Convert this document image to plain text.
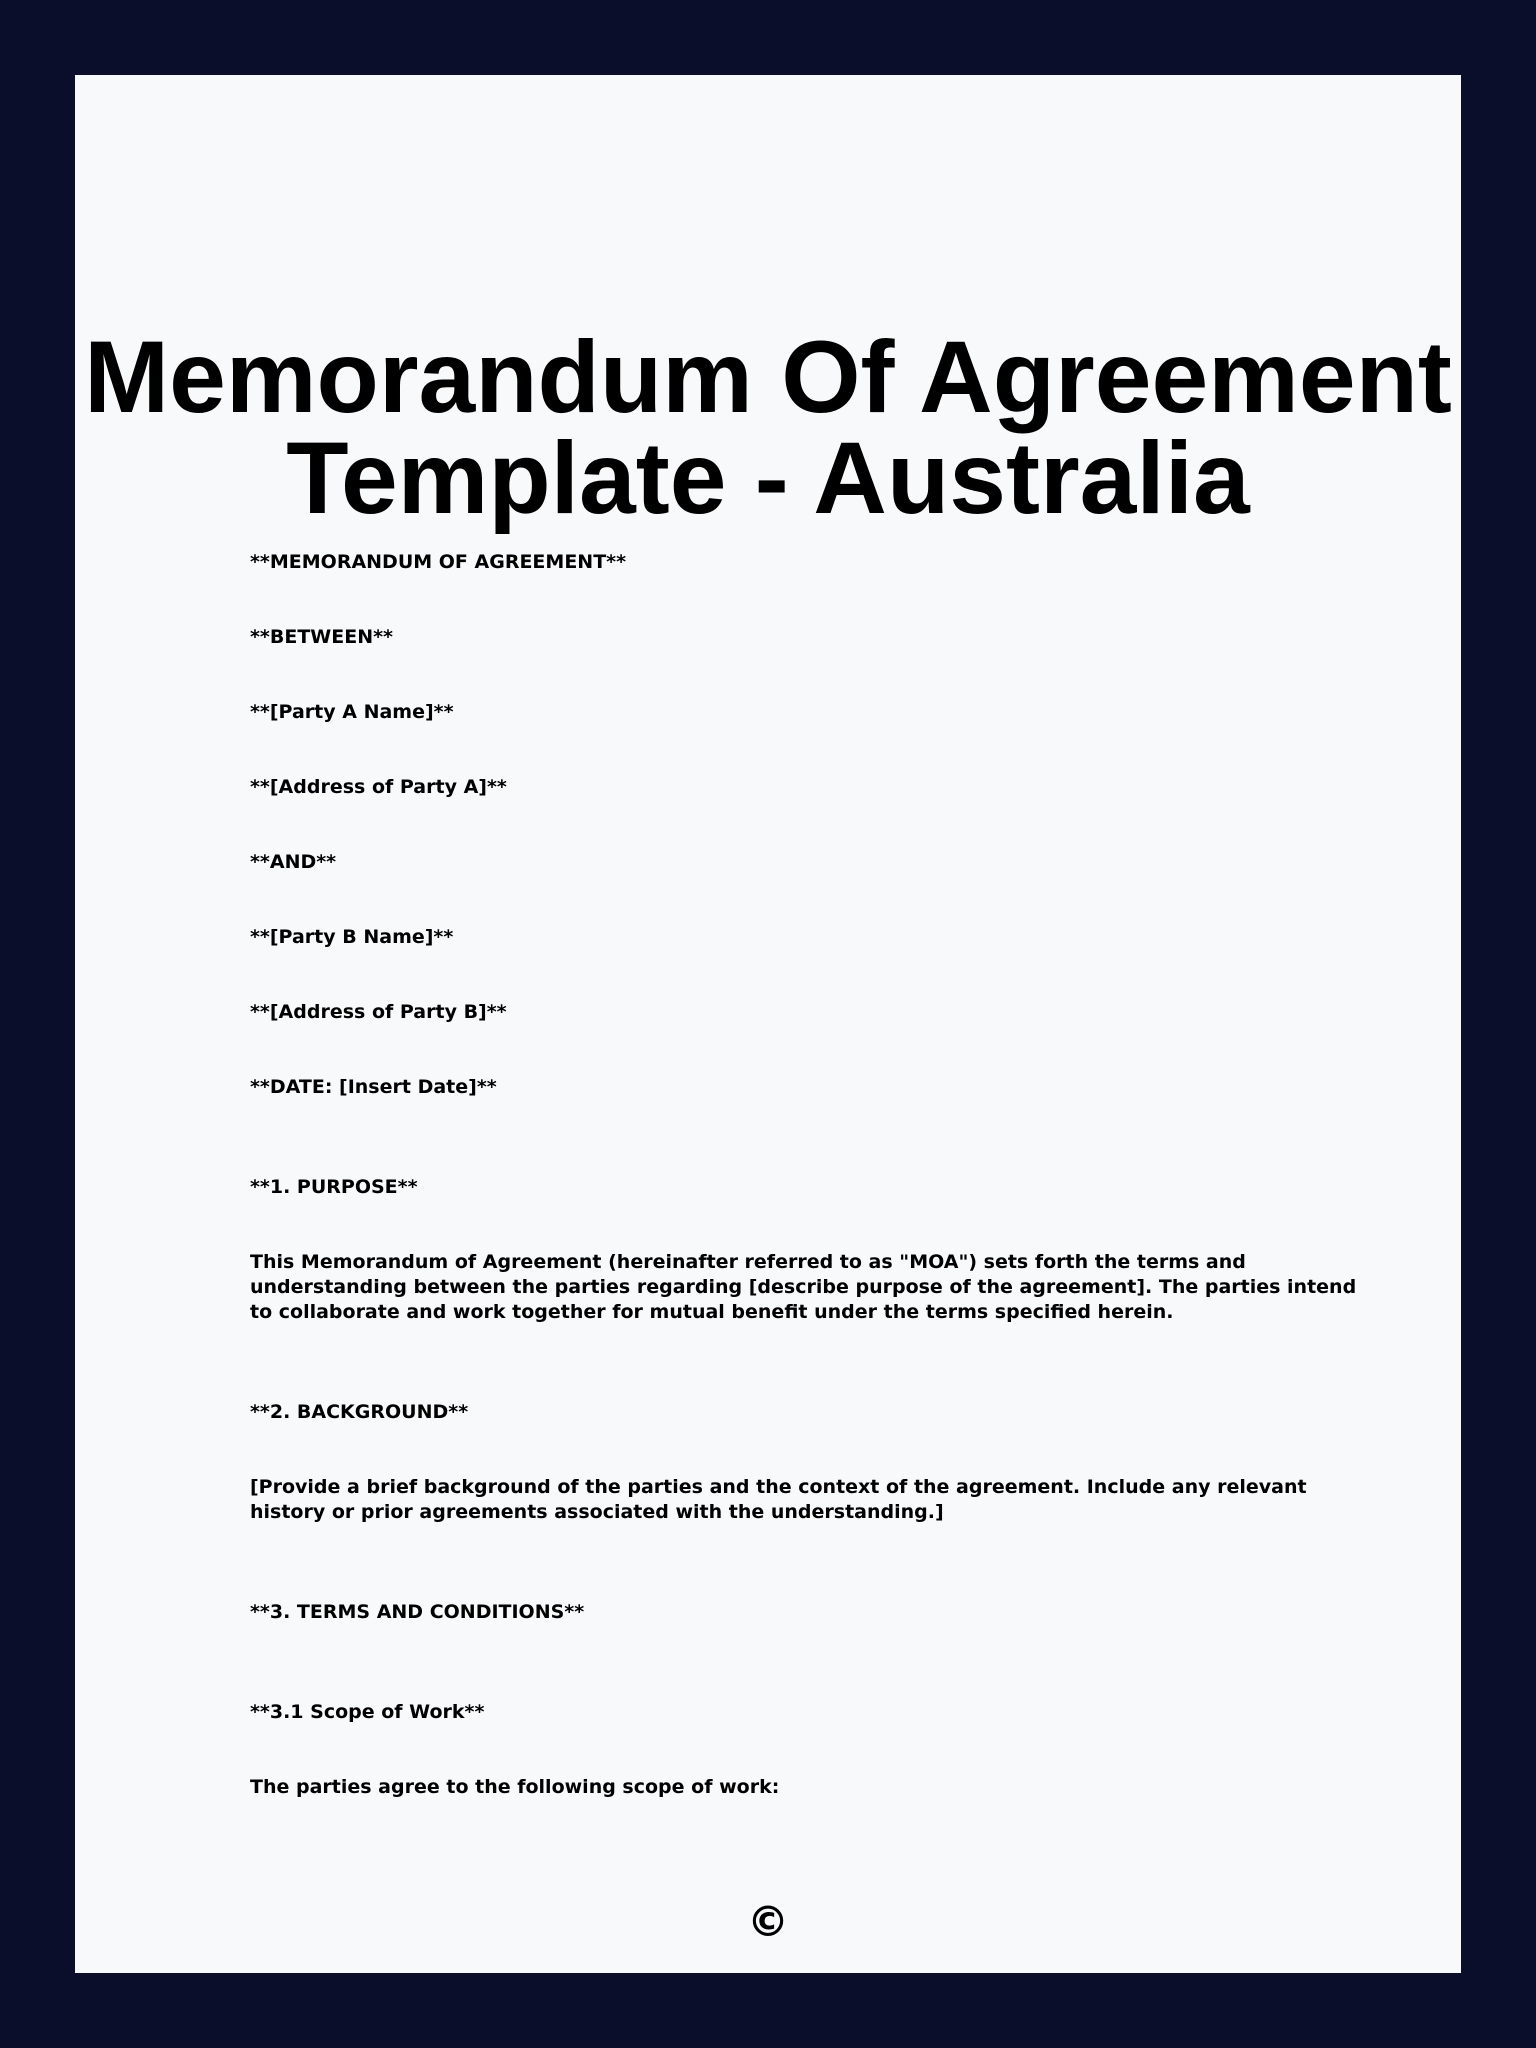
Memorandum Of Agreement
Template - Australia

**MEMORANDUM OF AGREEMENT**

**BETWEEN**

**[Party A Name]**

**[Address of Party A]**

**AND**

**[Party B Name]**

**[Address of Party B]**

**DATE: [Insert Date]**

**1. PURPOSE**

This Memorandum of Agreement (hereinafter referred to as "MOA") sets forth the terms and understanding between the parties regarding [describe purpose of the agreement]. The parties intend to collaborate and work together for mutual benefit under the terms specified herein.

**2. BACKGROUND**

[Provide a brief background of the parties and the context of the agreement. Include any relevant history or prior agreements associated with the understanding.]

**3. TERMS AND CONDITIONS**

**3.1 Scope of Work**

The parties agree to the following scope of work:

©
